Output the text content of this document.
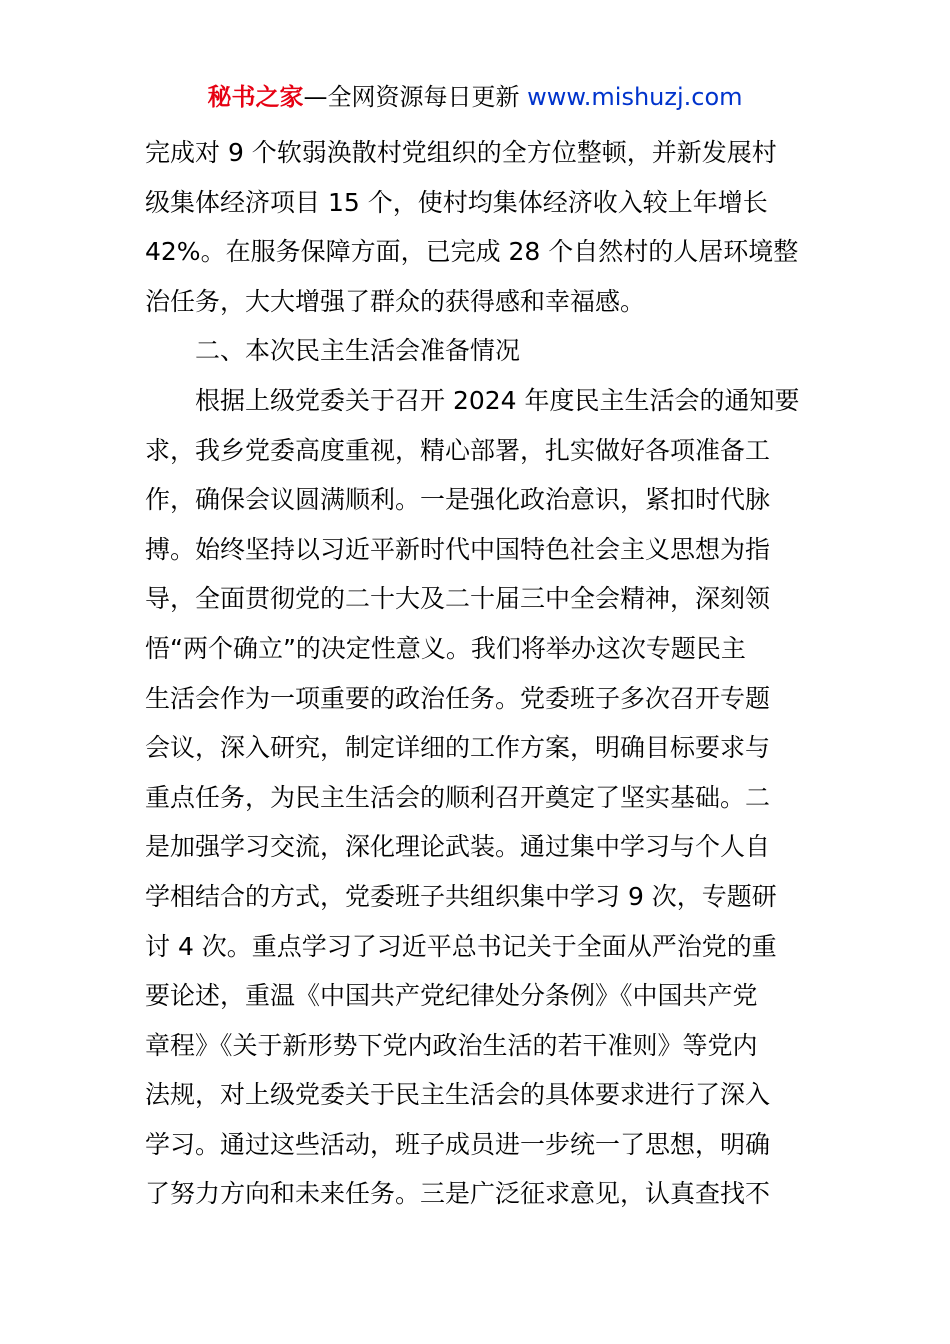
秘书之家—全网资源每日更新 www.mishuzj.com
完成对 9 个软弱涣散村党组织的全方位整顿，并新发展村
级集体经济项目 15 个，使村均集体经济收入较上年增长
42%。在服务保障方面，已完成 28 个自然村的人居环境整
治任务，大大增强了群众的获得感和幸福感。
二、本次民主生活会准备情况
根据上级党委关于召开 2024 年度民主生活会的通知要
求，我乡党委高度重视，精心部署，扎实做好各项准备工
作，确保会议圆满顺利。一是强化政治意识，紧扣时代脉
搏。始终坚持以习近平新时代中国特色社会主义思想为指
导，全面贯彻党的二十大及二十届三中全会精神，深刻领
悟“两个确立”的决定性意义。我们将举办这次专题民主
生活会作为一项重要的政治任务。党委班子多次召开专题
会议，深入研究，制定详细的工作方案，明确目标要求与
重点任务，为民主生活会的顺利召开奠定了坚实基础。二
是加强学习交流，深化理论武装。通过集中学习与个人自
学相结合的方式，党委班子共组织集中学习 9 次，专题研
讨 4 次。重点学习了习近平总书记关于全面从严治党的重
要论述，重温《中国共产党纪律处分条例》《中国共产党
章程》《关于新形势下党内政治生活的若干准则》等党内
法规，对上级党委关于民主生活会的具体要求进行了深入
学习。通过这些活动，班子成员进一步统一了思想，明确
了努力方向和未来任务。三是广泛征求意见，认真查找不
